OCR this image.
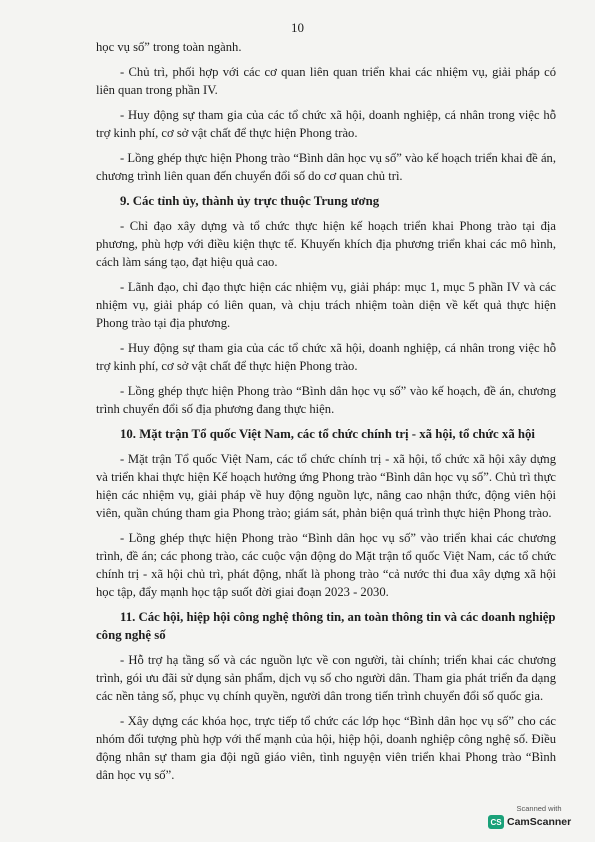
10

học vụ số” trong toàn ngành.

- Chủ trì, phối hợp với các cơ quan liên quan triển khai các nhiệm vụ, giải pháp có liên quan trong phần IV.

- Huy động sự tham gia của các tổ chức xã hội, doanh nghiệp, cá nhân trong việc hỗ trợ kinh phí, cơ sở vật chất để thực hiện Phong trào.

- Lồng ghép thực hiện Phong trào “Bình dân học vụ số” vào kế hoạch triển khai đề án, chương trình liên quan đến chuyển đổi số do cơ quan chủ trì.

9. Các tỉnh ủy, thành ủy trực thuộc Trung ương

- Chỉ đạo xây dựng và tổ chức thực hiện kế hoạch triển khai Phong trào tại địa phương, phù hợp với điều kiện thực tế. Khuyến khích địa phương triển khai các mô hình, cách làm sáng tạo, đạt hiệu quả cao.

- Lãnh đạo, chỉ đạo thực hiện các nhiệm vụ, giải pháp: mục 1, mục 5 phần IV và các nhiệm vụ, giải pháp có liên quan, và chịu trách nhiệm toàn diện về kết quả thực hiện Phong trào tại địa phương.

- Huy động sự tham gia của các tổ chức xã hội, doanh nghiệp, cá nhân trong việc hỗ trợ kinh phí, cơ sở vật chất để thực hiện Phong trào.

- Lồng ghép thực hiện Phong trào “Bình dân học vụ số” vào kế hoạch, đề án, chương trình chuyển đổi số địa phương đang thực hiện.

10. Mặt trận Tổ quốc Việt Nam, các tổ chức chính trị - xã hội, tổ chức xã hội

- Mặt trận Tổ quốc Việt Nam, các tổ chức chính trị - xã hội, tổ chức xã hội xây dựng và triển khai thực hiện Kế hoạch hưởng ứng Phong trào “Bình dân học vụ số”. Chủ trì thực hiện các nhiệm vụ, giải pháp về huy động nguồn lực, nâng cao nhận thức, động viên hội viên, quần chúng tham gia Phong trào; giám sát, phản biện quá trình thực hiện Phong trào.

- Lồng ghép thực hiện Phong trào “Bình dân học vụ số” vào triển khai các chương trình, đề án; các phong trào, các cuộc vận động do Mặt trận tổ quốc Việt Nam, các tổ chức chính trị - xã hội chủ trì, phát động, nhất là phong trào “cả nước thi đua xây dựng xã hội học tập, đẩy mạnh học tập suốt đời giai đoạn 2023 - 2030.

11. Các hội, hiệp hội công nghệ thông tin, an toàn thông tin và các doanh nghiệp công nghệ số

- Hỗ trợ hạ tầng số và các nguồn lực về con người, tài chính; triển khai các chương trình, gói ưu đãi sử dụng sản phẩm, dịch vụ số cho người dân. Tham gia phát triển đa dạng các nền tảng số, phục vụ chính quyền, người dân trong tiến trình chuyển đổi số quốc gia.

- Xây dựng các khóa học, trực tiếp tổ chức các lớp học “Bình dân học vụ số” cho các nhóm đối tượng phù hợp với thế mạnh của hội, hiệp hội, doanh nghiệp công nghệ số. Điều động nhân sự tham gia đội ngũ giáo viên, tình nguyện viên triển khai Phong trào “Bình dân học vụ số”.

Scanned with
CS CamScanner
